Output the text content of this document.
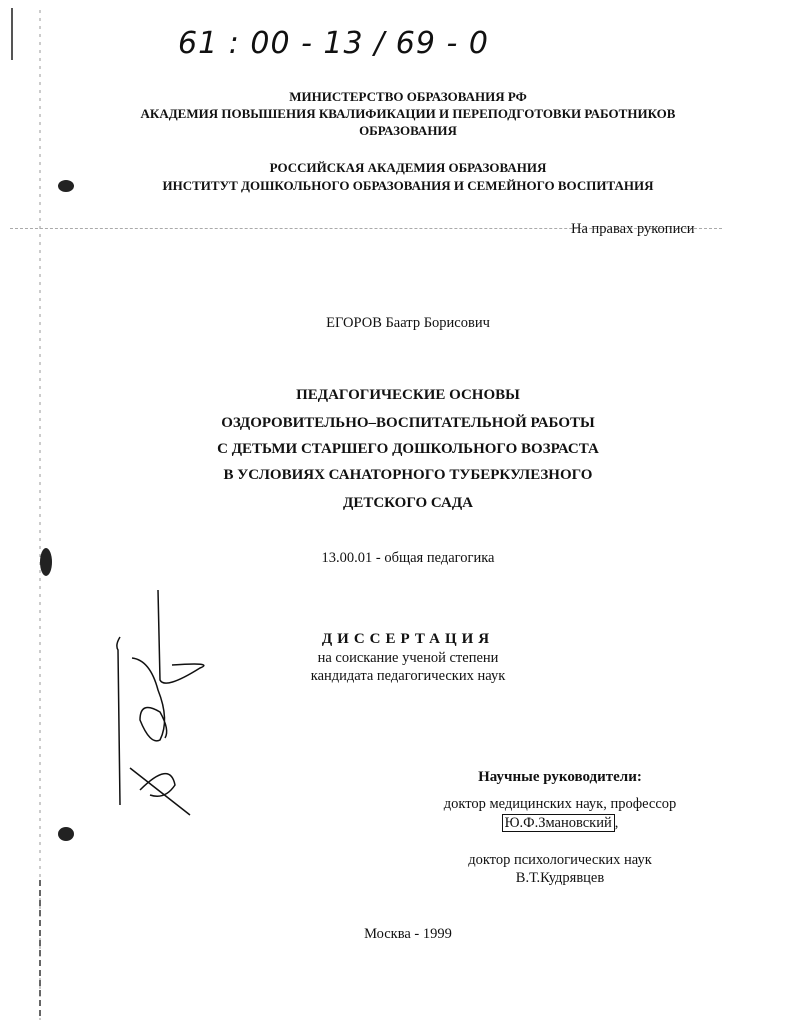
61 : 00 - 13 / 69 - 0
МИНИСТЕРСТВО ОБРАЗОВАНИЯ РФ
АКАДЕМИЯ ПОВЫШЕНИЯ КВАЛИФИКАЦИИ И ПЕРЕПОДГОТОВКИ РАБОТНИКОВ
ОБРАЗОВАНИЯ
РОССИЙСКАЯ АКАДЕМИЯ ОБРАЗОВАНИЯ
ИНСТИТУТ ДОШКОЛЬНОГО ОБРАЗОВАНИЯ И СЕМЕЙНОГО ВОСПИТАНИЯ
На правах рукописи
ЕГОРОВ Баатр Борисович
ПЕДАГОГИЧЕСКИЕ ОСНОВЫ
ОЗДОРОВИТЕЛЬНО–ВОСПИТАТЕЛЬНОЙ РАБОТЫ
С ДЕТЬМИ СТАРШЕГО ДОШКОЛЬНОГО ВОЗРАСТА
В УСЛОВИЯХ САНАТОРНОГО ТУБЕРКУЛЕЗНОГО
ДЕТСКОГО САДА
13.00.01 - общая педагогика
ДИССЕРТАЦИЯ
на соискание ученой степени
кандидата педагогических наук
Научные руководители:
доктор медицинских наук, профессор
Ю.Ф.Змановский ,
доктор психологических наук
В.Т.Кудрявцев
Москва - 1999
